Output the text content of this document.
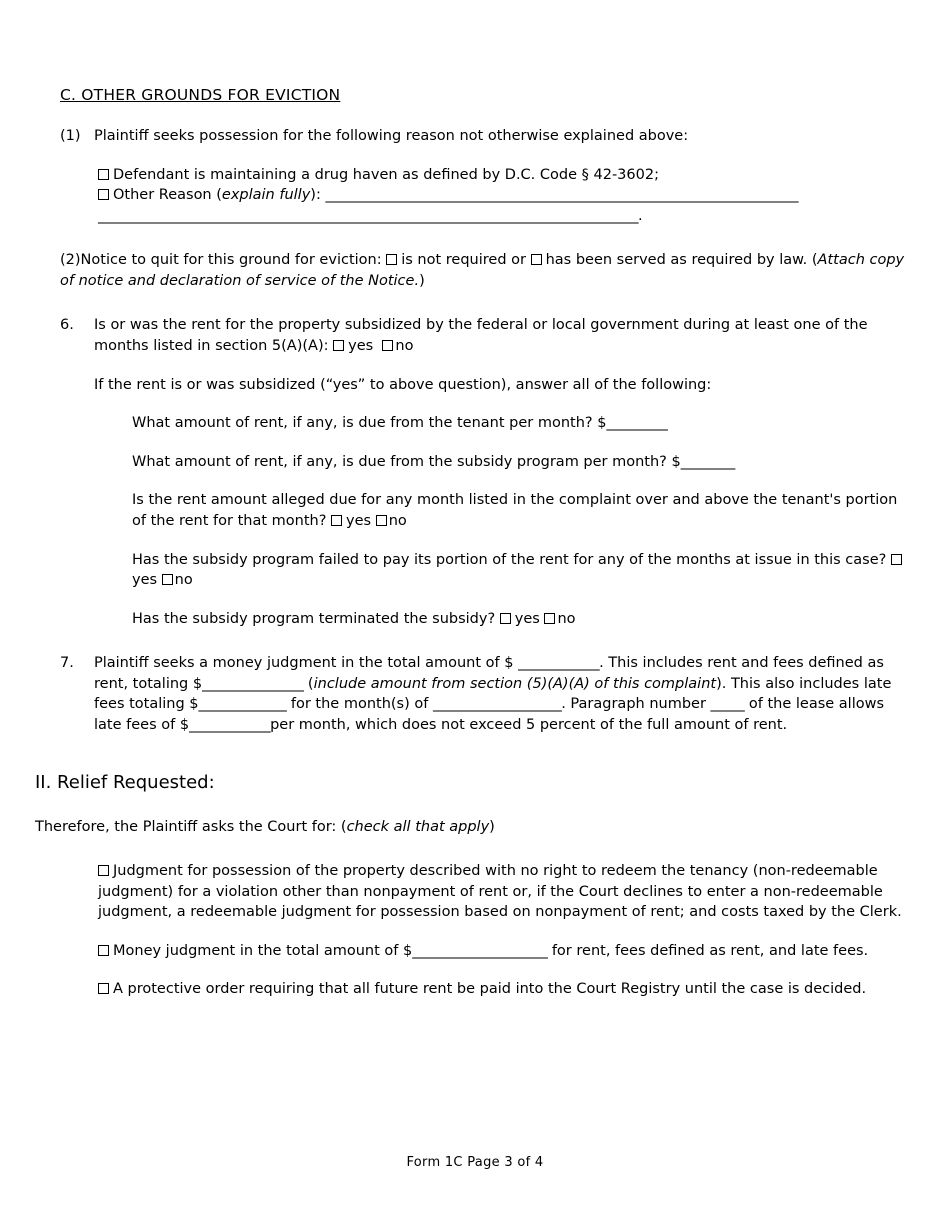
C. OTHER GROUNDS FOR EVICTION
(1) Plaintiff seeks possession for the following reason not otherwise explained above:
Defendant is maintaining a drug haven as defined by D.C. Code § 42-3602;
Other Reason (explain fully): ______________________________________________________________________
________________________________________________________________________________.
(2)Notice to quit for this ground for eviction: is not required or has been served as required by law. (Attach copy of notice and declaration of service of the Notice.)
6.	Is or was the rent for the property subsidized by the federal or local government during at least one of the months listed in section 5(A)(A): yes no
If the rent is or was subsidized (“yes” to above question), answer all of the following:
What amount of rent, if any, is due from the tenant per month? $_________
What amount of rent, if any, is due from the subsidy program per month? $________
Is the rent amount alleged due for any month listed in the complaint over and above the tenant's portion of the rent for that month? yes no
Has the subsidy program failed to pay its portion of the rent for any of the months at issue in this case? yes no
Has the subsidy program terminated the subsidy? yes no
7.	Plaintiff seeks a money judgment in the total amount of $ ____________. This includes rent and fees defined as rent, totaling $_______________ (include amount from section (5)(A)(A) of this complaint). This also includes late fees totaling $_____________ for the month(s) of ___________________. Paragraph number _____ of the lease allows late fees of $____________per month, which does not exceed 5 percent of the full amount of rent.
II. Relief Requested:
Therefore, the Plaintiff asks the Court for: (check all that apply)
Judgment for possession of the property described with no right to redeem the tenancy (non-redeemable judgment) for a violation other than nonpayment of rent or, if the Court declines to enter a non-redeemable judgment, a redeemable judgment for possession based on nonpayment of rent; and costs taxed by the Clerk.
Money judgment in the total amount of $____________________ for rent, fees defined as rent, and late fees.
A protective order requiring that all future rent be paid into the Court Registry until the case is decided.
Form 1C Page 3 of 4
